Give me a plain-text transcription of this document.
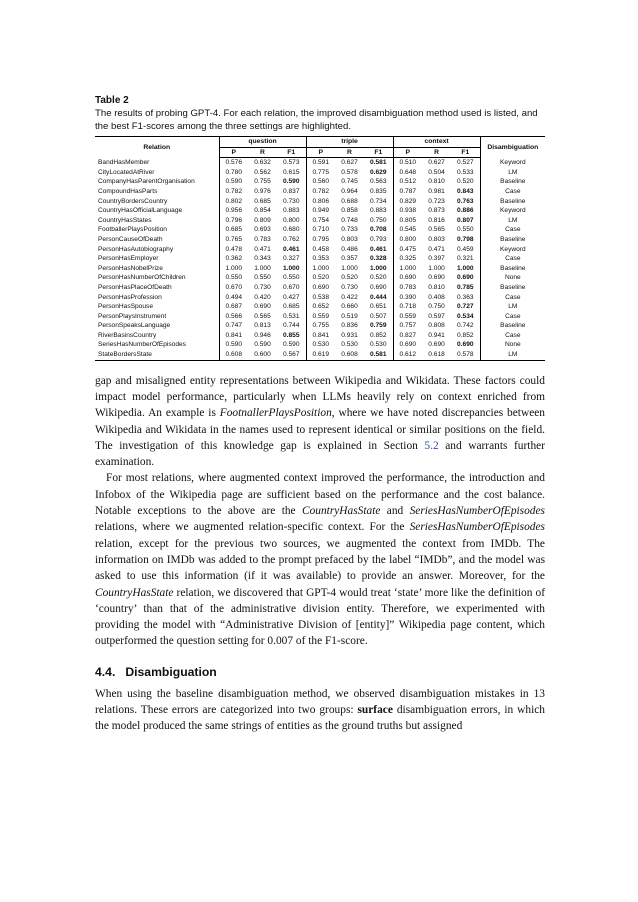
Table 2
The results of probing GPT-4. For each relation, the improved disambiguation method used is listed, and the best F1-scores among the three settings are highlighted.
Relation	question			triple			context			Disambiguation
	P	R	F1	P	R	F1	P	R	F1	
BandHasMember	0.576	0.632	0.573	0.591	0.627	0.581	0.510	0.627	0.527	Keyword
CityLocatedAtRiver	0.780	0.562	0.615	0.775	0.578	0.629	0.648	0.504	0.533	LM
CompanyHasParentOrganisation	0.590	0.755	0.590	0.560	0.745	0.563	0.512	0.810	0.520	Baseline
CompoundHasParts	0.782	0.976	0.837	0.782	0.964	0.835	0.787	0.981	0.843	Case
CountryBordersCountry	0.802	0.685	0.730	0.806	0.688	0.734	0.829	0.723	0.763	Baseline
CountryHasOfficialLanguage	0.956	0.854	0.883	0.949	0.858	0.883	0.938	0.873	0.886	Keyword
CountryHasStates	0.796	0.809	0.800	0.754	0.748	0.750	0.805	0.816	0.807	LM
FootballerPlaysPosition	0.685	0.693	0.680	0.710	0.733	0.708	0.545	0.565	0.550	Case
PersonCauseOfDeath	0.765	0.783	0.762	0.795	0.803	0.793	0.800	0.803	0.798	Baseline
PersonHasAutobiography	0.478	0.471	0.461	0.458	0.486	0.461	0.475	0.471	0.459	Keyword
PersonHasEmployer	0.362	0.343	0.327	0.353	0.357	0.328	0.325	0.397	0.321	Case
PersonHasNobelPrize	1.000	1.000	1.000	1.000	1.000	1.000	1.000	1.000	1.000	Baseline
PersonHasNumberOfChildren	0.550	0.550	0.550	0.520	0.520	0.520	0.690	0.690	0.690	None
PersonHasPlaceOfDeath	0.670	0.730	0.670	0.690	0.730	0.690	0.783	0.810	0.785	Baseline
PersonHasProfession	0.494	0.420	0.427	0.538	0.422	0.444	0.390	0.408	0.363	Case
PersonHasSpouse	0.687	0.690	0.685	0.652	0.660	0.651	0.718	0.750	0.727	LM
PersonPlaysInstrument	0.566	0.565	0.531	0.559	0.519	0.507	0.559	0.597	0.534	Case
PersonSpeaksLanguage	0.747	0.813	0.744	0.755	0.836	0.759	0.757	0.808	0.742	Baseline
RiverBasinsCountry	0.841	0.946	0.855	0.841	0.931	0.852	0.827	0.941	0.852	Case
SeriesHasNumberOfEpisodes	0.590	0.590	0.590	0.530	0.530	0.530	0.690	0.690	0.690	None
StateBordersState	0.608	0.600	0.567	0.619	0.608	0.581	0.612	0.618	0.578	LM

gap and misaligned entity representations between Wikipedia and Wikidata. These factors could impact model performance, particularly when LLMs heavily rely on context enriched from Wikipedia. An example is FootnallerPlaysPosition, where we have noted discrepancies between Wikipedia and Wikidata in the names used to represent identical or similar positions on the field. The investigation of this knowledge gap is explained in Section 5.2 and warrants further examination.

For most relations, where augmented context improved the performance, the introduction and Infobox of the Wikipedia page are sufficient based on the performance and the cost balance. Notable exceptions to the above are the CountryHasState and SeriesHasNumberOfEpisodes relations, where we augmented relation-specific context. For the SeriesHasNumberOfEpisodes relation, except for the previous two sources, we augmented the context from IMDb. The information on IMDb was added to the prompt prefaced by the label “IMDb”, and the model was asked to use this information (if it was available) to provide an answer. Moreover, for the CountryHasState relation, we discovered that GPT-4 would treat ‘state’ more like the definition of ‘country’ than that of the administrative division entity. Therefore, we experimented with providing the model with “Administrative Division of [entity]” Wikipedia page content, which outperformed the question setting for 0.007 of the F1-score.

4.4. Disambiguation

When using the baseline disambiguation method, we observed disambiguation mistakes in 13 relations. These errors are categorized into two groups: surface disambiguation errors, in which the model produced the same strings of entities as the ground truths but assigned
